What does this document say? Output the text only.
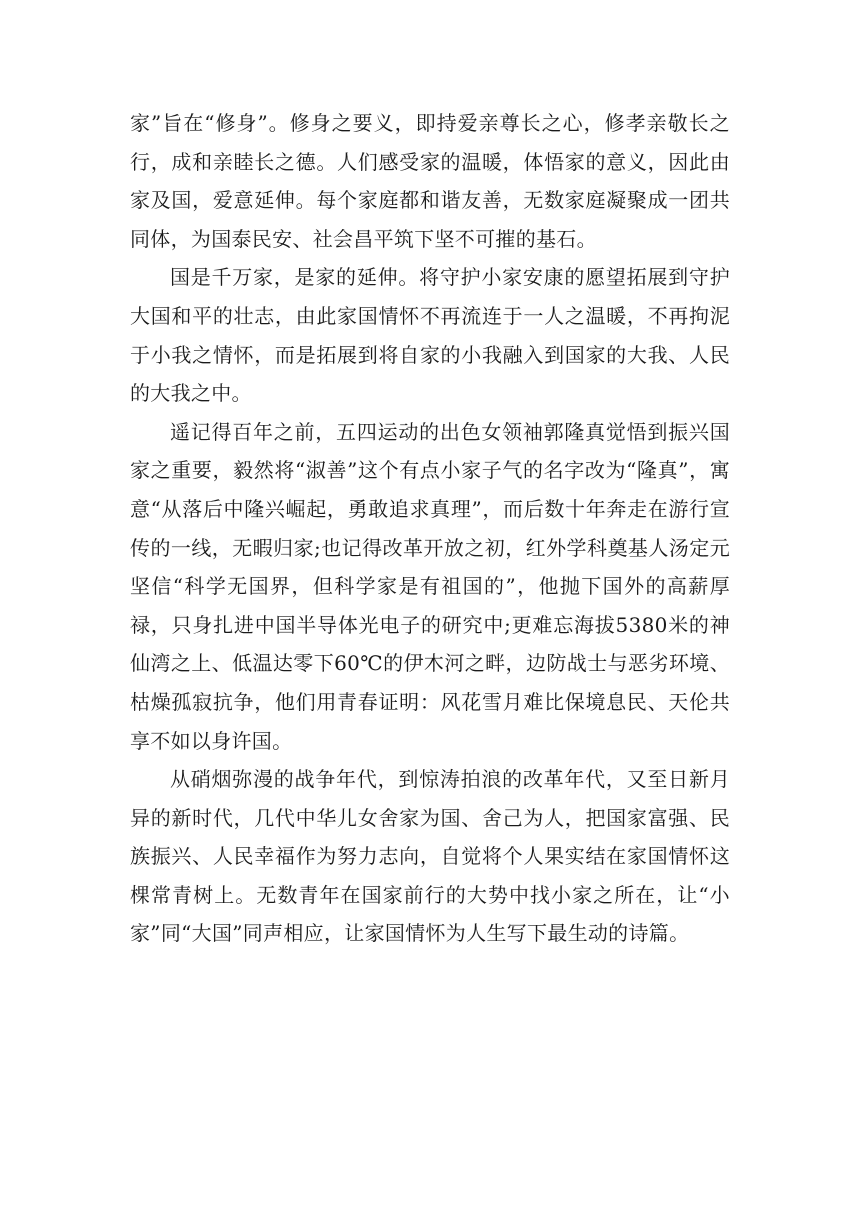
家”旨在“修身”。修身之要义，即持爱亲尊长之心，修孝亲敬长之行，成和亲睦长之德。人们感受家的温暖，体悟家的意义，因此由家及国，爱意延伸。每个家庭都和谐友善，无数家庭凝聚成一团共同体，为国泰民安、社会昌平筑下坚不可摧的基石。

国是千万家，是家的延伸。将守护小家安康的愿望拓展到守护大国和平的壮志，由此家国情怀不再流连于一人之温暖，不再拘泥于小我之情怀，而是拓展到将自家的小我融入到国家的大我、人民的大我之中。

遥记得百年之前，五四运动的出色女领袖郭隆真觉悟到振兴国家之重要，毅然将“淑善”这个有点小家子气的名字改为“隆真”，寓意“从落后中隆兴崛起，勇敢追求真理”，而后数十年奔走在游行宣传的一线，无暇归家;也记得改革开放之初，红外学科奠基人汤定元坚信“科学无国界，但科学家是有祖国的”，他抛下国外的高薪厚禄，只身扎进中国半导体光电子的研究中;更难忘海拔5380米的神仙湾之上、低温达零下60℃的伊木河之畔，边防战士与恶劣环境、枯燥孤寂抗争，他们用青春证明：风花雪月难比保境息民、天伦共享不如以身许国。

从硝烟弥漫的战争年代，到惊涛拍浪的改革年代，又至日新月异的新时代，几代中华儿女舍家为国、舍己为人，把国家富强、民族振兴、人民幸福作为努力志向，自觉将个人果实结在家国情怀这棵常青树上。无数青年在国家前行的大势中找小家之所在，让“小家”同“大国”同声相应，让家国情怀为人生写下最生动的诗篇。
